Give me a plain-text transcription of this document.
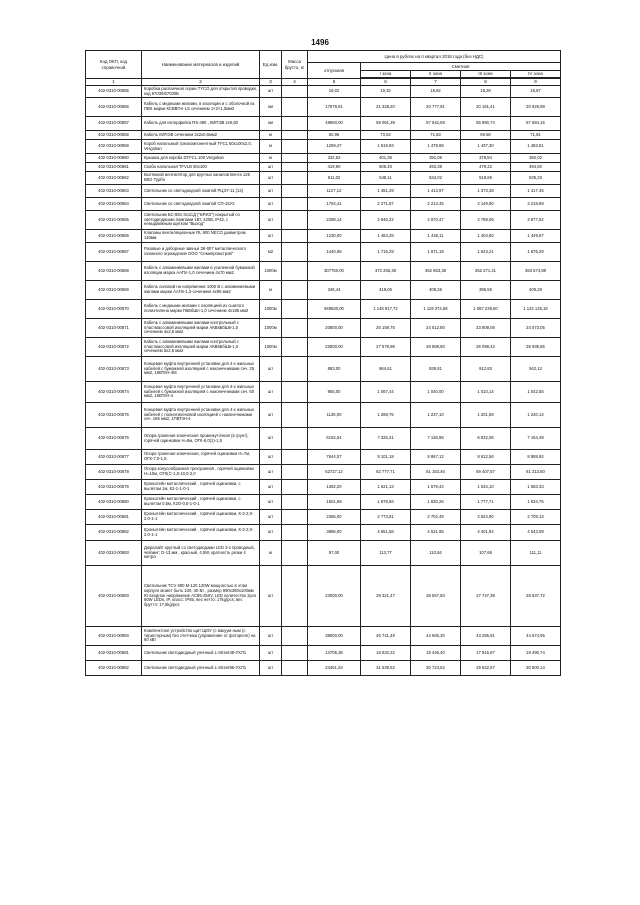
1496
Код ОКП, код справочной	Наименование материалов и изделий	Ед изм.	Масса брутто, кг	Цена в рублях на II квартал 2018 года (без НДС)				
				отпускная	Сметная			
					I зона	II зона	III зона	IV зона

1	2	3	4	5	6	7	8	9
402-0310-00855	Коробка распаячная серии TYCO для открытой проводки, код 67030/67030Б	шт		18,02	19,32	18,82	18,28	18,87
402-0310-00856	Кабель с медными жилами, в изоляции и с оболочкой из ПВХ марки КСВВГнг-LS сечением 1×2×1,0мм2	км		17678,81	21 328,20	20 777,91	20 161,41	20 828,98
402-0310-00857	Кабель для интерфейса RS-485 , КИПЭВ 2х0,60	км		48960,00	59 061,39	57 542,59	55 890,74	57 684,15
402-0310-00858	Кабель КИПЭВ сечением 2х2х0,6мм2	м		60,96	73,53	71,63	69,58	71,81
402-0310-00859	Короб напольный трехкомпонентный TFCL 60х100х2,0, Vergokan	м		1259,47	1 519,93	1 479,88	1 437,30	1 483,51
402-0310-00860	Крышка для короба DTFCL 100 Vergokan	м		332,62	401,36	391,06	379,84	392,02
402-0310-00861	Скоба напольная TFVLB 50х100	шт		419,90	506,40	493,38	479,22	494,60
402-0310-00862	Вытяжной вентилятор для круглых каналов Вента 125 ВКО Турбо	шт		511,02	548,11	534,02	518,69	535,33
402-0310-00863	Светильник со светодиодной лампой РЦЭ7-11 (12)	шт		1127,12	1 451,29	1 413,97	1 373,38	1 417,45
402-0310-00864	Светильник со светодиодной лампой СП-15У2	шт		1764,41	2 271,87	2 213,45	2 149,90	2 218,89
402-0310-00865	Светильник БС-881-3х1СД ("БРИЗ") накрытый со светодиодными лампами 1Вт, 220В, IP42, с невыдвижным щитком "Выход"	шт		2288,14	2 946,22	2 870,47	2 788,06	2 877,52
402-0310-00866	Клапаны вентиляционные RL 900 NECO диаметром 110мм	шт		1230,00	1 484,28	1 446,11	1 404,60	1 449,67
402-0310-00867	Разовые и доборные звенья ЗК-007 металлического газонного ограждения ООО "Семипромстрой"	м2		1440,68	1 715,29	1 671,19	1 623,21	1 675,29
402-0310-00868	Кабель с алюминиевыми жилами в усиленной бумажной изоляции марка ААПл-1,0 сечением 4х70 мм2	1000м		307750,00	372 255,48	362 653,38	352 271,41	363 574,88
402-0310-00869	Кабель силовой на напряжение 1000 В с алюминиевыми жилами марки ААПл-1,0 сечением 4х95 мм2	м		346,44	419,06	408,26	396,56	409,29
402-0310-00870	Кабель с медными жилами с изоляцией из сшитого полиэтилена марки ПвБбШп-1,0 сечением 4х185 мм2	1000м		949830,00	1 148 917,72	1 119 374,68	1 087 239,50	1 122 126,18
402-0310-00871	Кабель с алюминиевыми жилами контрольный с пластмассовой изоляцией марки АКВвБбШв-1,0 сечением 4х2,5 мм2	1000м		20800,00	25 159,75	24 512,80	23 809,08	24 573,05
402-0310-00872	Кабель с алюминиевыми жилами контрольный с пластмассовой изоляцией марки АКВвБбШв-1,0 сечением 5х2,5 мм2	1000м		22800,00	27 578,96	26 869,80	26 098,42	26 935,85
402-0310-00873	Концевая муфта внутренней установки для 4-х жильных кабелей с бумажной изоляцией с наконечниками сеч. 25 мм2, 1КВТпН-4М	шт		883,00	964,61	939,81	912,83	942,12
402-0310-00874	Концевая муфта внутренней установки для 4-х жильных кабелей с бумажной изоляцией с наконечниками сеч. 50 мм2, 1КВТпН-4	шт		955,00	1 067,44	1 040,00	1 010,14	1 042,55
402-0310-00875	Концевая муфта внутренней установки для 4-х жильных кабелей с полиэтиленовой изоляцией с наконечниками сеч. 185 мм2, 1ПВТпН-4	шт		1136,00	1 269,75	1 237,10	1 201,59	1 240,14
402-0310-00876	Опора граненая коническая промежуточная (в грунт), горячей оцинковки Н=6м, ОГК-6,0(1)-1,5	шт		6152,54	7 325,31	7 136,95	6 932,06	7 154,49
402-0310-00877	Опора граненая коническая, горячей оцинковки Н=7м, ОГК-7,0-1,5	шт		7644,07	9 101,18	8 867,12	8 612,56	8 888,92
402-0310-00878	Опора конусообразная трехгранная , горячей оцинковки Н=10м, ОГК(С-1,8-10,0-2,0	шт		52727,12	62 777,71	61 163,46	59 407,57	61 313,60
402-0310-00879	Кронштейн металлический , горячей оцинковки, с вылетом 1м, К2-1-1-0-1	шт		1362,20	1 621,13	1 579,44	1 534,10	1 583,33
402-0310-00880	Кронштейн металлический , горячей оцинковки, с вылетом 0,5м, К2О-0,5-1-0-1	шт		1601,69	1 878,56	1 830,26	1 777,71	1 834,76
402-0310-00881	Кронштейн металлический , горячей оцинковки, К-2-2,0-2,0-1-1	шт		2365,00	2 773,81	2 702,49	2 624,90	2 709,13
402-0310-00882	Кронштейн металлический , горячей оцинковки, К-2-2,0-2,0-1-1	шт		3866,00	4 651,58	4 531,95	4 401,84	4 543,09
402-0310-00883	Дюралайт круглый со светодиодами LED 3-х проводный, чейзинг; D-13 мм , красный, 4,5W, кратность резки 4 метра	м		97,00	113,77	110,84	107,66	111,11
402-0310-00893	Светильник TCV 690 M-120 120W мощностью в этом корпусе может быть 100, 40 Вт , размер 990х390х100мм Ю входное напряжение AC85-250V, LED количество 2pcs 60W LEDs, IP, класс: IP65, вес нетто: 17kg/pcs; вес брутто: 17,5kg/pcs	шт		23000,00	29 321,47	28 567,50	27 747,38	28 637,72
402-0310-00894	Комплектное устройство щит ЩОУ (с вакуум-ным (с тиристорным) без счетчика (управление от фотореле) на 60 кВт	шт		38000,00	45 741,49	44 565,30	43 285,91	44 674,95
402-0310-00881	Светильник светодиодный уличный L-Street48-УХЛ1	шт		14705,38	18 932,22	18 445,40	17 915,87	18 490,74
402-0310-00882	Светильник светодиодный уличный L-Street96-УХЛ1	шт		24451,53	31 539,52	30 724,62	29 842,57	30 800,14
